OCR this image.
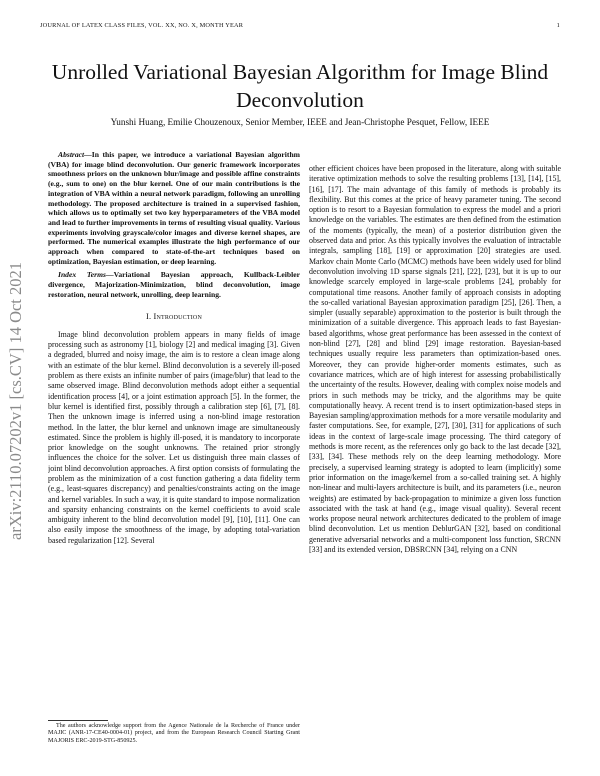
JOURNAL OF LATEX CLASS FILES, VOL. XX, NO. X, MONTH YEAR	1
Unrolled Variational Bayesian Algorithm for Image Blind Deconvolution
Yunshi Huang, Emilie Chouzenoux, Senior Member, IEEE and Jean-Christophe Pesquet, Fellow, IEEE
arXiv:2110.07202v1 [cs.CV] 14 Oct 2021

Abstract—In this paper, we introduce a variational Bayesian algorithm (VBA) for image blind deconvolution. Our generic framework incorporates smoothness priors on the unknown blur/image and possible affine constraints (e.g., sum to one) on the blur kernel. One of our main contributions is the integration of VBA within a neural network paradigm, following an unrolling methodology. The proposed architecture is trained in a supervised fashion, which allows us to optimally set two key hyperparameters of the VBA model and lead to further improvements in terms of resulting visual quality. Various experiments involving grayscale/color images and diverse kernel shapes, are performed. The numerical examples illustrate the high performance of our approach when compared to state-of-the-art techniques based on optimization, Bayesian estimation, or deep learning.

Index Terms—Variational Bayesian approach, Kullback-Leibler divergence, Majorization-Minimization, blind deconvolution, image restoration, neural network, unrolling, deep learning.

I. Introduction

Image blind deconvolution problem appears in many fields of image processing such as astronomy [1], biology [2] and medical imaging [3]. Given a degraded, blurred and noisy image, the aim is to restore a clean image along with an estimate of the blur kernel. Blind deconvolution is a severely ill-posed problem as there exists an infinite number of pairs (image/blur) that lead to the same observed image. Blind deconvolution methods adopt either a sequential identification process [4], or a joint estimation approach [5]. In the former, the blur kernel is identified first, possibly through a calibration step [6], [7], [8]. Then the unknown image is inferred using a non-blind image restoration method. In the latter, the blur kernel and unknown image are simultaneously estimated. Since the problem is highly ill-posed, it is mandatory to incorporate prior knowledge on the sought unknowns. The retained prior strongly influences the choice for the solver. Let us distinguish three main classes of joint blind deconvolution approaches. A first option consists of formulating the problem as the minimization of a cost function gathering a data fidelity term (e.g., least-squares discrepancy) and penalties/constraints acting on the image and kernel variables. In such a way, it is quite standard to impose normalization and sparsity enhancing constraints on the kernel coefficients to avoid scale ambiguity inherent to the blind deconvolution model [9], [10], [11]. One can also easily impose the smoothness of the image, by adopting total-variation based regularization [12]. Several

The authors acknowledge support from the Agence Nationale de la Recherche of France under MAJIC (ANR-17-CE40-0004-01) project, and from the European Research Council Starting Grant MAJORIS ERC-2019-STG-850925.

other efficient choices have been proposed in the literature, along with suitable iterative optimization methods to solve the resulting problems [13], [14], [15], [16], [17]. The main advantage of this family of methods is probably its flexibility. But this comes at the price of heavy parameter tuning. The second option is to resort to a Bayesian formulation to express the model and a priori knowledge on the variables. The estimates are then defined from the estimation of the moments (typically, the mean) of a posterior distribution given the observed data and prior. As this typically involves the evaluation of intractable integrals, sampling [18], [19] or approximation [20] strategies are used. Markov chain Monte Carlo (MCMC) methods have been widely used for blind deconvolution involving 1D sparse signals [21], [22], [23], but it is up to our knowledge scarcely employed in large-scale problems [24], probably for computational time reasons. Another family of approach consists in adopting the so-called variational Bayesian approximation paradigm [25], [26]. Then, a simpler (usually separable) approximation to the posterior is built through the minimization of a suitable divergence. This approach leads to fast Bayesian-based algorithms, whose great performance has been assessed in the context of non-blind [27], [28] and blind [29] image restoration. Bayesian-based techniques usually require less parameters than optimization-based ones. Moreover, they can provide higher-order moments estimates, such as covariance matrices, which are of high interest for assessing probabilistically the uncertainty of the results. However, dealing with complex noise models and priors in such methods may be tricky, and the algorithms may be quite computationally heavy. A recent trend is to insert optimization-based steps in Bayesian sampling/approximation methods for a more versatile modularity and faster computations. See, for example, [27], [30], [31] for applications of such ideas in the context of large-scale image processing. The third category of methods is more recent, as the references only go back to the last decade [32], [33], [34]. These methods rely on the deep learning methodology. More precisely, a supervised learning strategy is adopted to learn (implicitly) some prior information on the image/kernel from a so-called training set. A highly non-linear and multi-layers architecture is built, and its parameters (i.e., neuron weights) are estimated by back-propagation to minimize a given loss function associated with the task at hand (e.g., image visual quality). Several recent works propose neural network architectures dedicated to the problem of image blind deconvolution. Let us mention DeblurGAN [32], based on conditional generative adversarial networks and a multi-component loss function, SRCNN [33] and its extended version, DBSRCNN [34], relying on a CNN
